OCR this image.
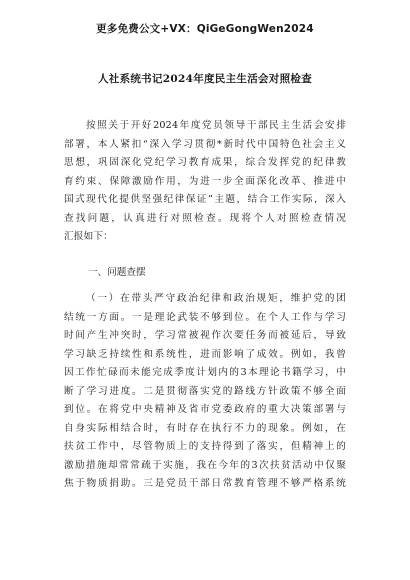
更多免费公文+VX：QiGeGongWen2024
人社系统书记2024年度民主生活会对照检查
按照关于开好2024年度党员领导干部民主生活会安排
部署，本人紧扣“深入学习贯彻*新时代中国特色社会主义
思想，巩固深化党纪学习教育成果，综合发挥党的纪律教
育约束、保障激励作用，为进一步全面深化改革、推进中
国式现代化提供坚强纪律保证”主题，结合工作实际，深入
查找问题，认真进行对照检查。现将个人对照检查情况
汇报如下：
一、问题查摆
（一）在带头严守政治纪律和政治规矩，维护党的团
结统一方面。一是理论武装不够到位。在个人工作与学习
时间产生冲突时，学习常被视作次要任务而被延后，导致
学习缺乏持续性和系统性，进而影响了成效。例如，我曾
因工作忙碌而未能完成季度计划内的3本理论书籍学习，中
断了学习进度。二是贯彻落实党的路线方针政策不够全面
到位。在将党中央精神及省市党委政府的重大决策部署与
自身实际相结合时，有时存在执行不力的现象。例如，在
扶贫工作中，尽管物质上的支持得到了落实，但精神上的
激励措施却常常疏于实施，我在今年的3次扶贫活动中仅聚
焦于物质捐助。三是党员干部日常教育管理不够严格系统
